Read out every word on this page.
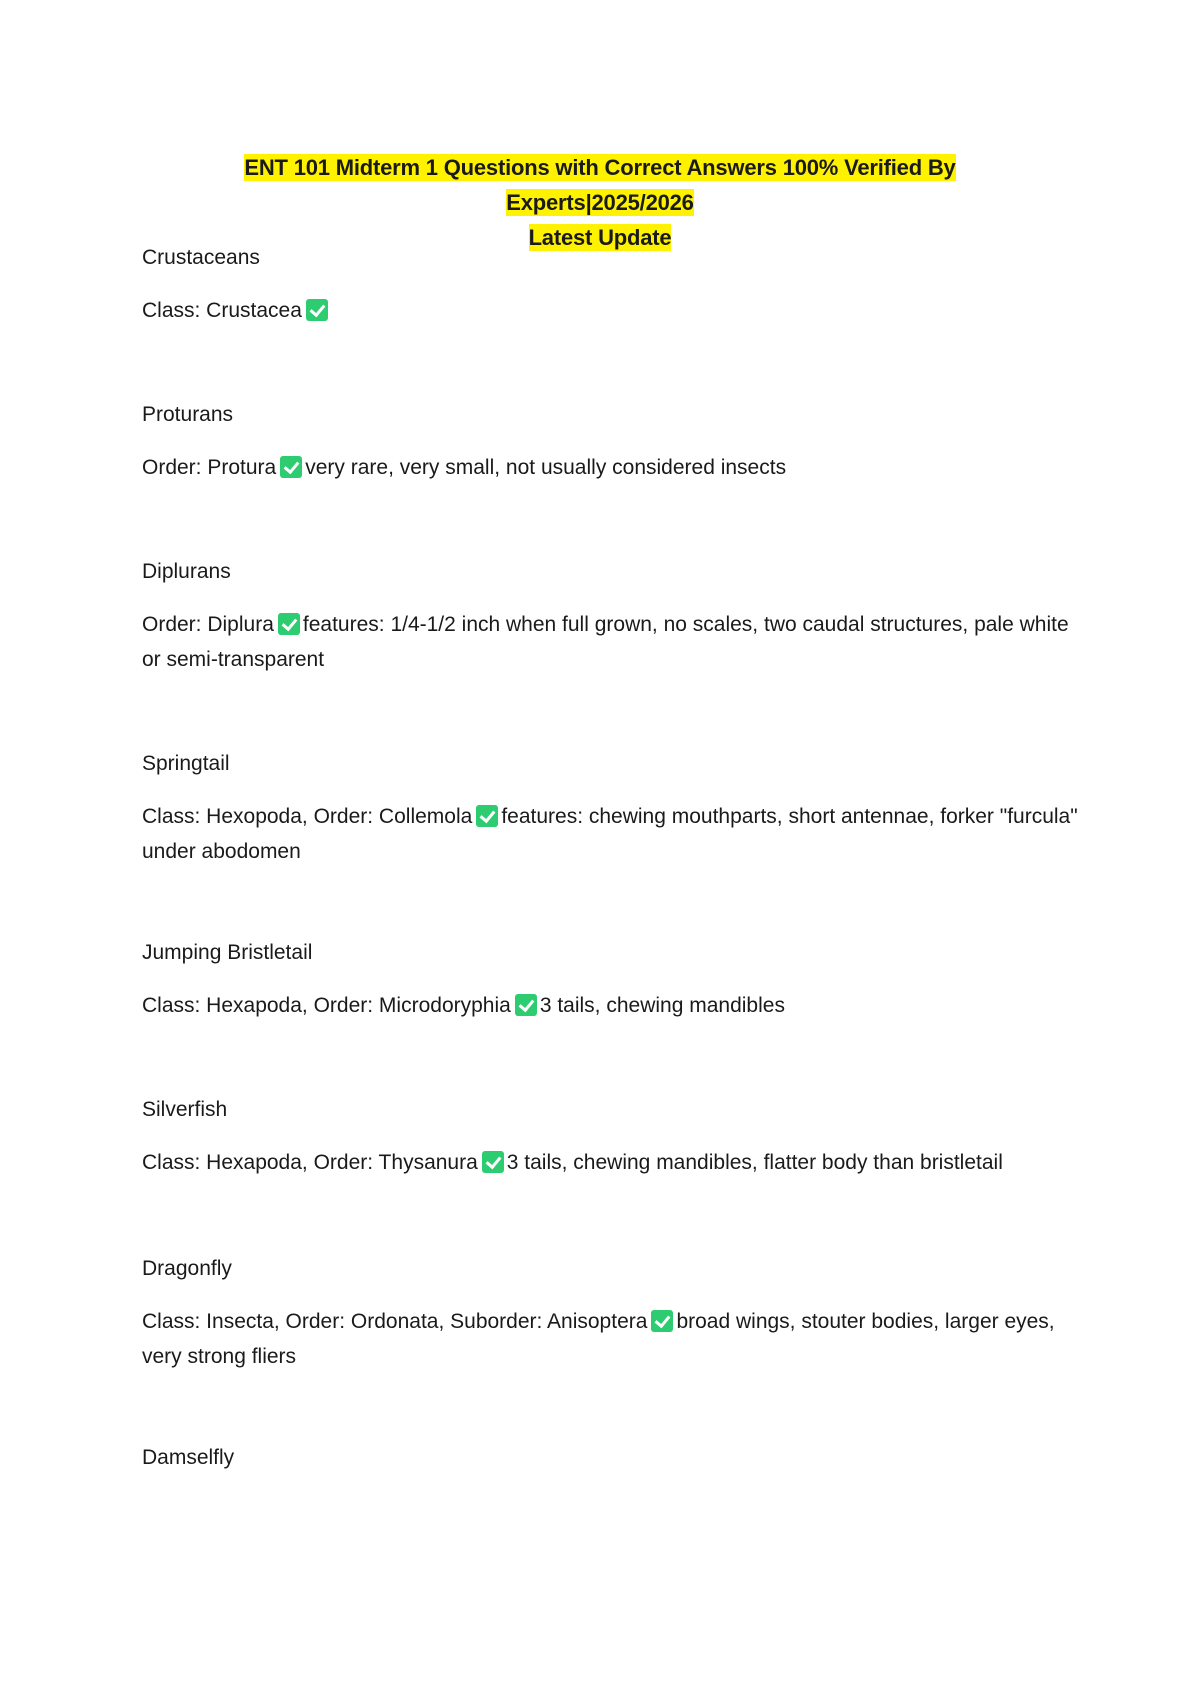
ENT 101 Midterm 1 Questions with Correct Answers 100% Verified By Experts|2025/2026
Latest Update

Crustaceans

Class: Crustacea

Proturans

Order: Protura very rare, very small, not usually considered insects

Diplurans

Order: Diplura features: 1/4-1/2 inch when full grown, no scales, two caudal structures, pale white or semi-transparent

Springtail

Class: Hexopoda, Order: Collemola features: chewing mouthparts, short antennae, forker "furcula" under abodomen

Jumping Bristletail

Class: Hexapoda, Order: Microdoryphia 3 tails, chewing mandibles

Silverfish

Class: Hexapoda, Order: Thysanura 3 tails, chewing mandibles, flatter body than bristletail

Dragonfly

Class: Insecta, Order: Ordonata, Suborder: Anisoptera broad wings, stouter bodies, larger eyes, very strong fliers

Damselfly
